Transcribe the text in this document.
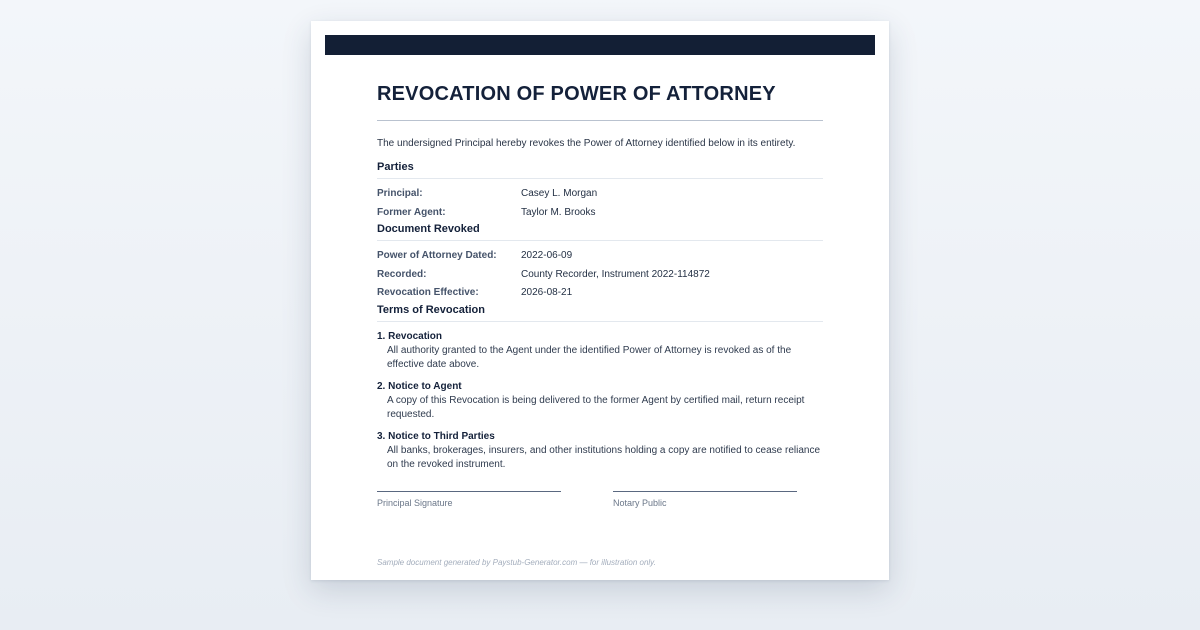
REVOCATION OF POWER OF ATTORNEY
The undersigned Principal hereby revokes the Power of Attorney identified below in its entirety.
Parties
Principal:	Casey L. Morgan
Former Agent:	Taylor M. Brooks
Document Revoked
Power of Attorney Dated:	2022-06-09
Recorded:	County Recorder, Instrument 2022-114872
Revocation Effective:	2026-08-21
Terms of Revocation
1. Revocation
All authority granted to the Agent under the identified Power of Attorney is revoked as of the effective date above.
2. Notice to Agent
A copy of this Revocation is being delivered to the former Agent by certified mail, return receipt requested.
3. Notice to Third Parties
All banks, brokerages, insurers, and other institutions holding a copy are notified to cease reliance on the revoked instrument.
Principal Signature	Notary Public
Sample document generated by Paystub-Generator.com — for illustration only.
